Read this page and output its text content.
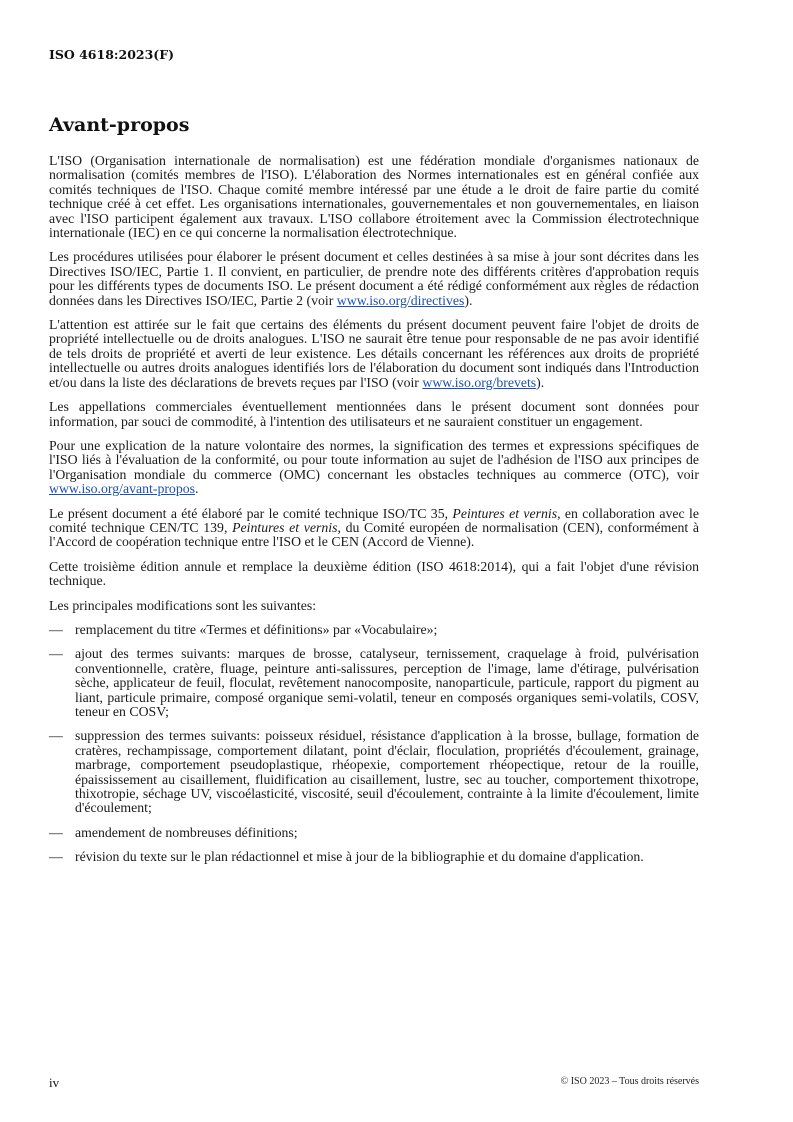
ISO 4618:2023(F)
Avant-propos

L'ISO (Organisation internationale de normalisation) est une fédération mondiale d'organismes nationaux de normalisation (comités membres de l'ISO). L'élaboration des Normes internationales est en général confiée aux comités techniques de l'ISO. Chaque comité membre intéressé par une étude a le droit de faire partie du comité technique créé à cet effet. Les organisations internationales, gouvernementales et non gouvernementales, en liaison avec l'ISO participent également aux travaux. L'ISO collabore étroitement avec la Commission électrotechnique internationale (IEC) en ce qui concerne la normalisation électrotechnique.

Les procédures utilisées pour élaborer le présent document et celles destinées à sa mise à jour sont décrites dans les Directives ISO/IEC, Partie 1. Il convient, en particulier, de prendre note des différents critères d'approbation requis pour les différents types de documents ISO. Le présent document a été rédigé conformément aux règles de rédaction données dans les Directives ISO/IEC, Partie 2 (voir www.iso.org/directives).

L'attention est attirée sur le fait que certains des éléments du présent document peuvent faire l'objet de droits de propriété intellectuelle ou de droits analogues. L'ISO ne saurait être tenue pour responsable de ne pas avoir identifié de tels droits de propriété et averti de leur existence. Les détails concernant les références aux droits de propriété intellectuelle ou autres droits analogues identifiés lors de l'élaboration du document sont indiqués dans l'Introduction et/ou dans la liste des déclarations de brevets reçues par l'ISO (voir www.iso.org/brevets).

Les appellations commerciales éventuellement mentionnées dans le présent document sont données pour information, par souci de commodité, à l'intention des utilisateurs et ne sauraient constituer un engagement.

Pour une explication de la nature volontaire des normes, la signification des termes et expressions spécifiques de l'ISO liés à l'évaluation de la conformité, ou pour toute information au sujet de l'adhésion de l'ISO aux principes de l'Organisation mondiale du commerce (OMC) concernant les obstacles techniques au commerce (OTC), voir www.iso.org/avant-propos.

Le présent document a été élaboré par le comité technique ISO/TC 35, Peintures et vernis, en collaboration avec le comité technique CEN/TC 139, Peintures et vernis, du Comité européen de normalisation (CEN), conformément à l'Accord de coopération technique entre l'ISO et le CEN (Accord de Vienne).

Cette troisième édition annule et remplace la deuxième édition (ISO 4618:2014), qui a fait l'objet d'une révision technique.

Les principales modifications sont les suivantes:

— remplacement du titre «Termes et définitions» par «Vocabulaire»;
— ajout des termes suivants: marques de brosse, catalyseur, ternissement, craquelage à froid, pulvérisation conventionnelle, cratère, fluage, peinture anti-salissures, perception de l'image, lame d'étirage, pulvérisation sèche, applicateur de feuil, floculat, revêtement nanocomposite, nanoparticule, particule, rapport du pigment au liant, particule primaire, composé organique semi-volatil, teneur en composés organiques semi-volatils, COSV, teneur en COSV;
— suppression des termes suivants: poisseux résiduel, résistance d'application à la brosse, bullage, formation de cratères, rechampissage, comportement dilatant, point d'éclair, floculation, propriétés d'écoulement, grainage, marbrage, comportement pseudoplastique, rhéopexie, comportement rhéopectique, retour de la rouille, épaississement au cisaillement, fluidification au cisaillement, lustre, sec au toucher, comportement thixotrope, thixotropie, séchage UV, viscoélasticité, viscosité, seuil d'écoulement, contrainte à la limite d'écoulement, limite d'écoulement;
— amendement de nombreuses définitions;
— révision du texte sur le plan rédactionnel et mise à jour de la bibliographie et du domaine d'application.
iv	© ISO 2023 – Tous droits réservés
